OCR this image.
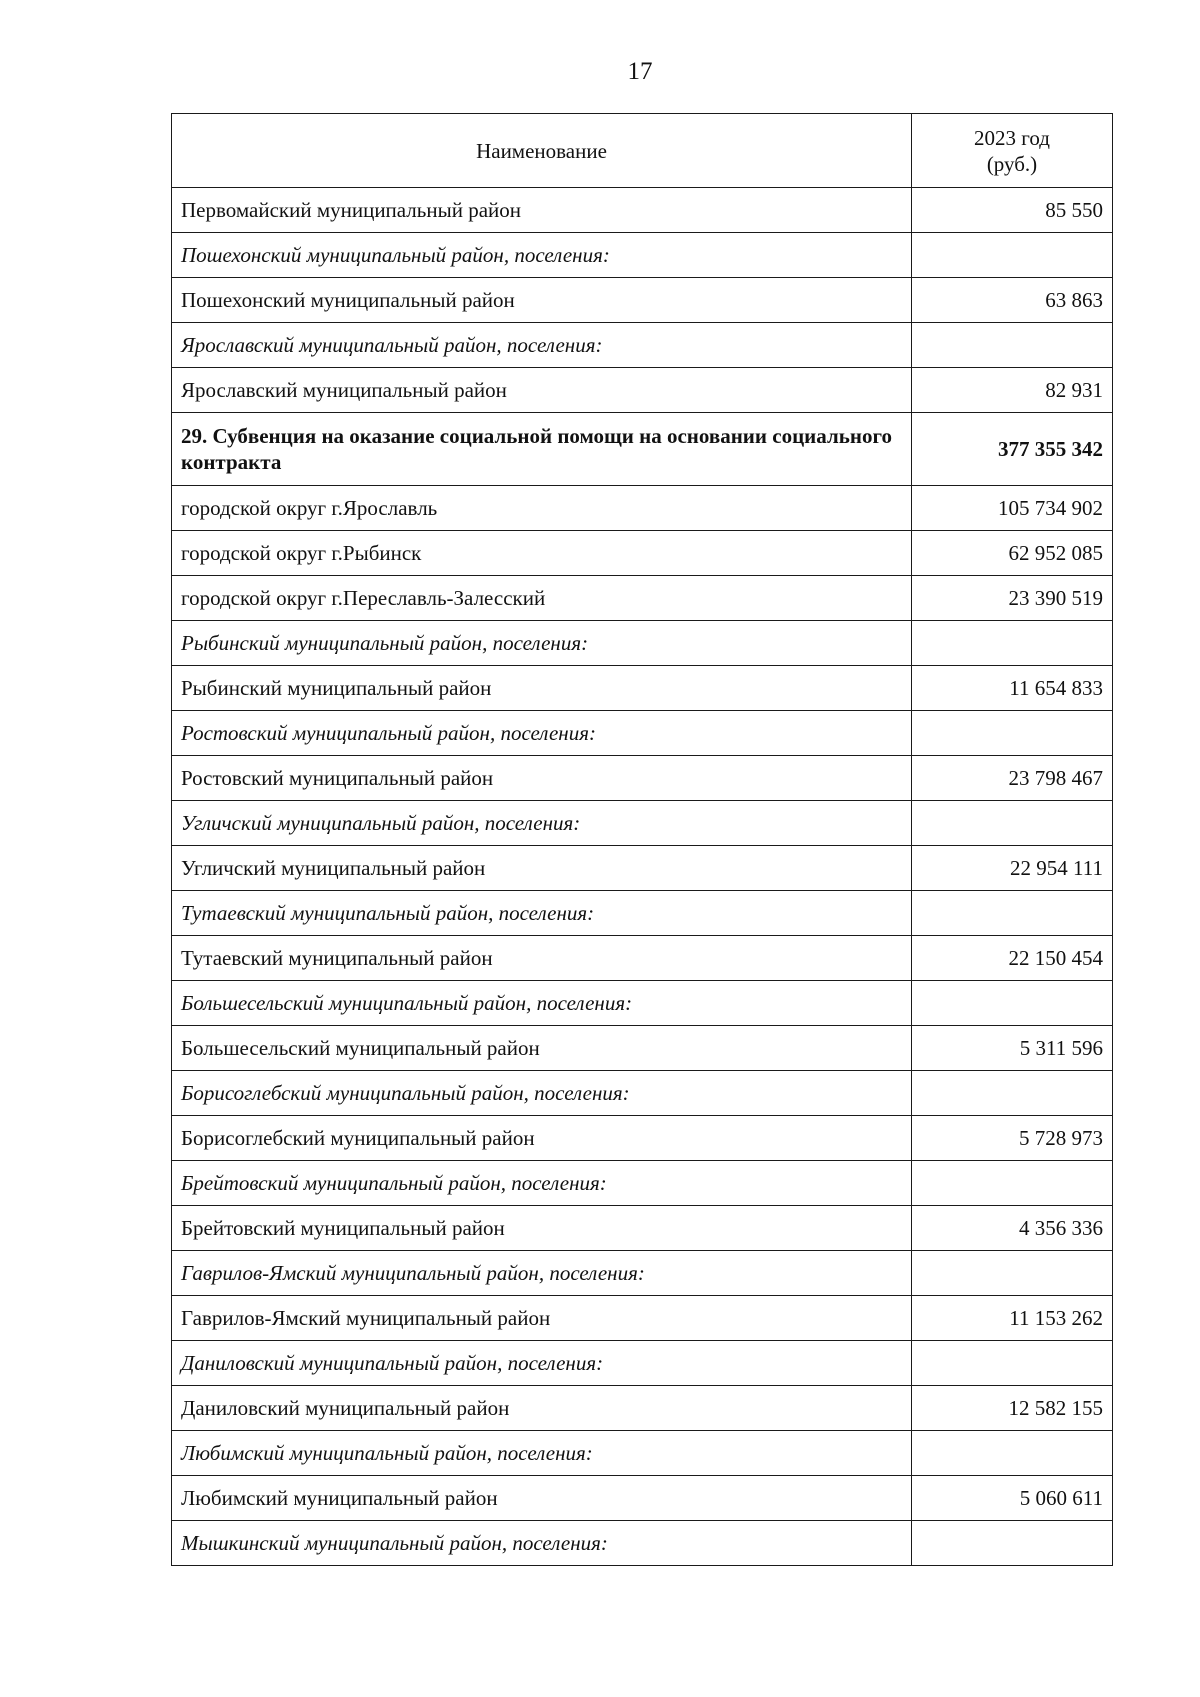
17
Наименование	2023 год
(руб.)
Первомайский муниципальный район	85 550
Пошехонский муниципальный район, поселения:	
Пошехонский муниципальный район	63 863
Ярославский муниципальный район, поселения:	
Ярославский муниципальный район	82 931
29. Субвенция на оказание социальной помощи на основании социального контракта	377 355 342
городской округ г.Ярославль	105 734 902
городской округ г.Рыбинск	62 952 085
городской округ г.Переславль-Залесский	23 390 519
Рыбинский муниципальный район, поселения:	
Рыбинский муниципальный район	11 654 833
Ростовский муниципальный район, поселения:	
Ростовский муниципальный район	23 798 467
Угличский муниципальный район, поселения:	
Угличский муниципальный район	22 954 111
Тутаевский муниципальный район, поселения:	
Тутаевский муниципальный район	22 150 454
Большесельский муниципальный район, поселения:	
Большесельский муниципальный район	5 311 596
Борисоглебский муниципальный район, поселения:	
Борисоглебский муниципальный район	5 728 973
Брейтовский муниципальный район, поселения:	
Брейтовский муниципальный район	4 356 336
Гаврилов-Ямский муниципальный район, поселения:	
Гаврилов-Ямский муниципальный район	11 153 262
Даниловский муниципальный район, поселения:	
Даниловский муниципальный район	12 582 155
Любимский муниципальный район, поселения:	
Любимский муниципальный район	5 060 611
Мышкинский муниципальный район, поселения:	
